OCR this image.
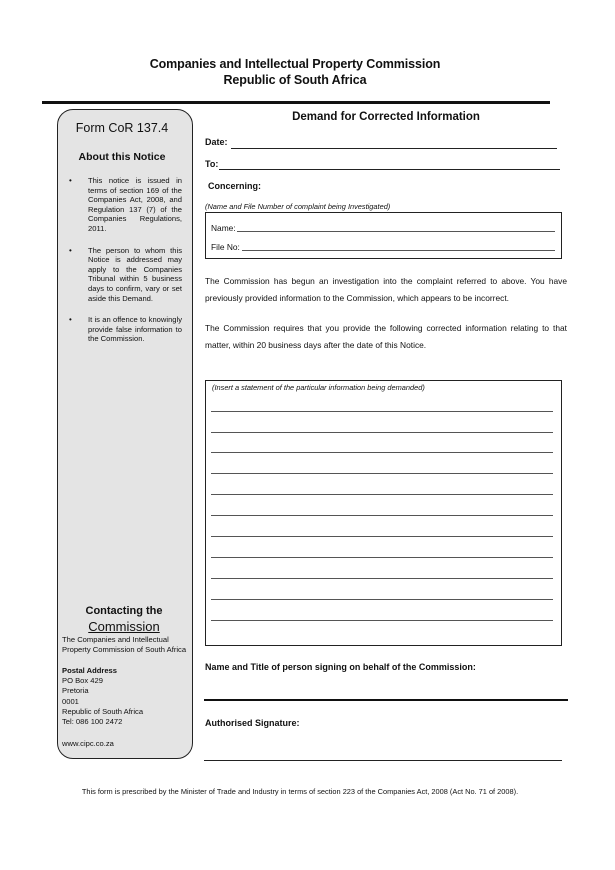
Companies and Intellectual Property Commission
Republic of South Africa
Form CoR 137.4
About this Notice
• This notice is issued in terms of section 169 of the Companies Act, 2008, and Regulation 137 (7) of the Companies Regulations, 2011.
• The person to whom this Notice is addressed may apply to the Companies Tribunal within 5 business days to confirm, vary or set aside this Demand.
• It is an offence to knowingly provide false information to the Commission.
Contacting the
Commission
The Companies and Intellectual
Property Commission of South Africa
Postal Address
PO Box 429
Pretoria
0001
Republic of South Africa
Tel: 086 100 2472
www.cipc.co.za
Demand for Corrected Information
Date:
To:
Concerning:
(Name and File Number of complaint being Investigated)
Name:
File No:
The Commission has begun an investigation into the complaint referred to above. You have previously provided information to the Commission, which appears to be incorrect.
The Commission requires that you provide the following corrected information relating to that matter, within 20 business days after the date of this Notice.
(Insert a statement of the particular information being demanded)
Name and Title of person signing on behalf of the Commission:
Authorised Signature:
This form is prescribed by the Minister of Trade and Industry in terms of section 223 of the Companies Act, 2008 (Act No. 71 of 2008).
